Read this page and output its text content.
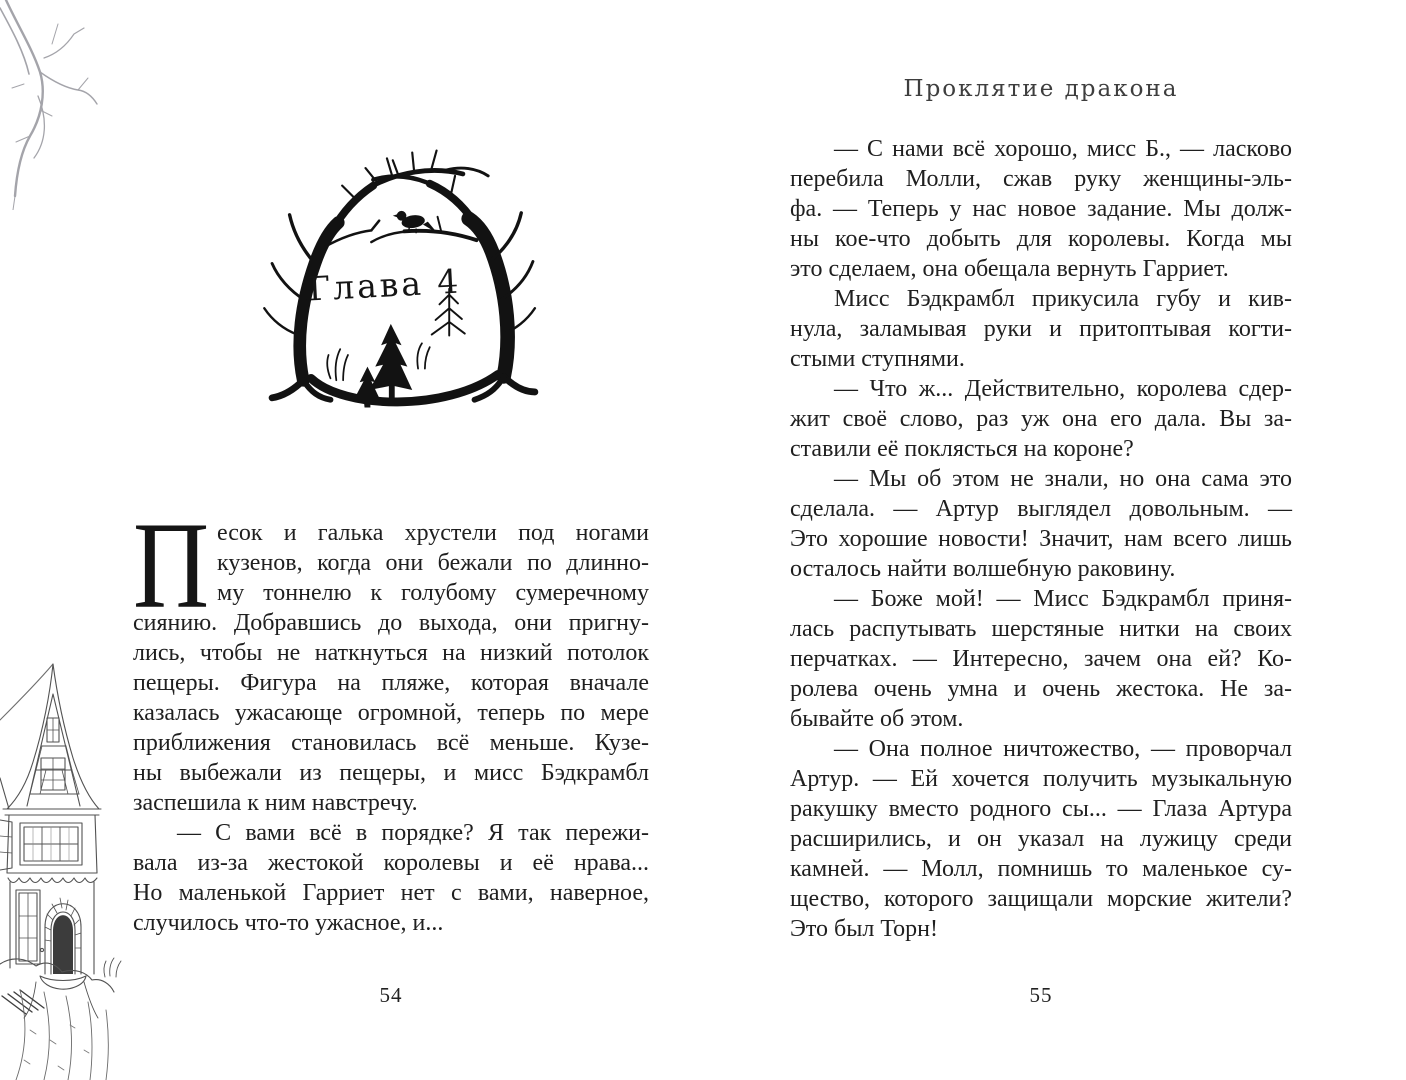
Глава 4
П есок и галька хрустели под ногами
кузенов, когда они бежали по длинно-
му тоннелю к голубому сумеречному
сиянию. Добравшись до выхода, они пригну-
лись, чтобы не наткнуться на низкий потолок
пещеры. Фигура на пляже, которая вначале
казалась ужасающе огромной, теперь по мере
приближения становилась всё меньше. Кузе-
ны выбежали из пещеры, и мисс Бэдкрамбл
заспешила к ним навстречу.
— С вами всё в порядке? Я так пережи-
вала из-за жестокой королевы и её нрава...
Но маленькой Гарриет нет с вами, наверное,
случилось что-то ужасное, и...
54
Проклятие дракона
— С нами всё хорошо, мисс Б., — ласково
перебила Молли, сжав руку женщины-эль-
фа. — Теперь у нас новое задание. Мы долж-
ны кое-что добыть для королевы. Когда мы
это сделаем, она обещала вернуть Гарриет.
Мисс Бэдкрамбл прикусила губу и кив-
нула, заламывая руки и притоптывая когти-
стыми ступнями.
— Что ж... Действительно, королева сдер-
жит своё слово, раз уж она его дала. Вы за-
ставили её поклясться на короне?
— Мы об этом не знали, но она сама это
сделала. — Артур выглядел довольным. —
Это хорошие новости! Значит, нам всего лишь
осталось найти волшебную раковину.
— Боже мой! — Мисс Бэдкрамбл приня-
лась распутывать шерстяные нитки на своих
перчатках. — Интересно, зачем она ей? Ко-
ролева очень умна и очень жестока. Не за-
бывайте об этом.
— Она полное ничтожество, — проворчал
Артур. — Ей хочется получить музыкальную
ракушку вместо родного сы... — Глаза Артура
расширились, и он указал на лужицу среди
камней. — Молл, помнишь то маленькое су-
щество, которого защищали морские жители?
Это был Торн!
55
